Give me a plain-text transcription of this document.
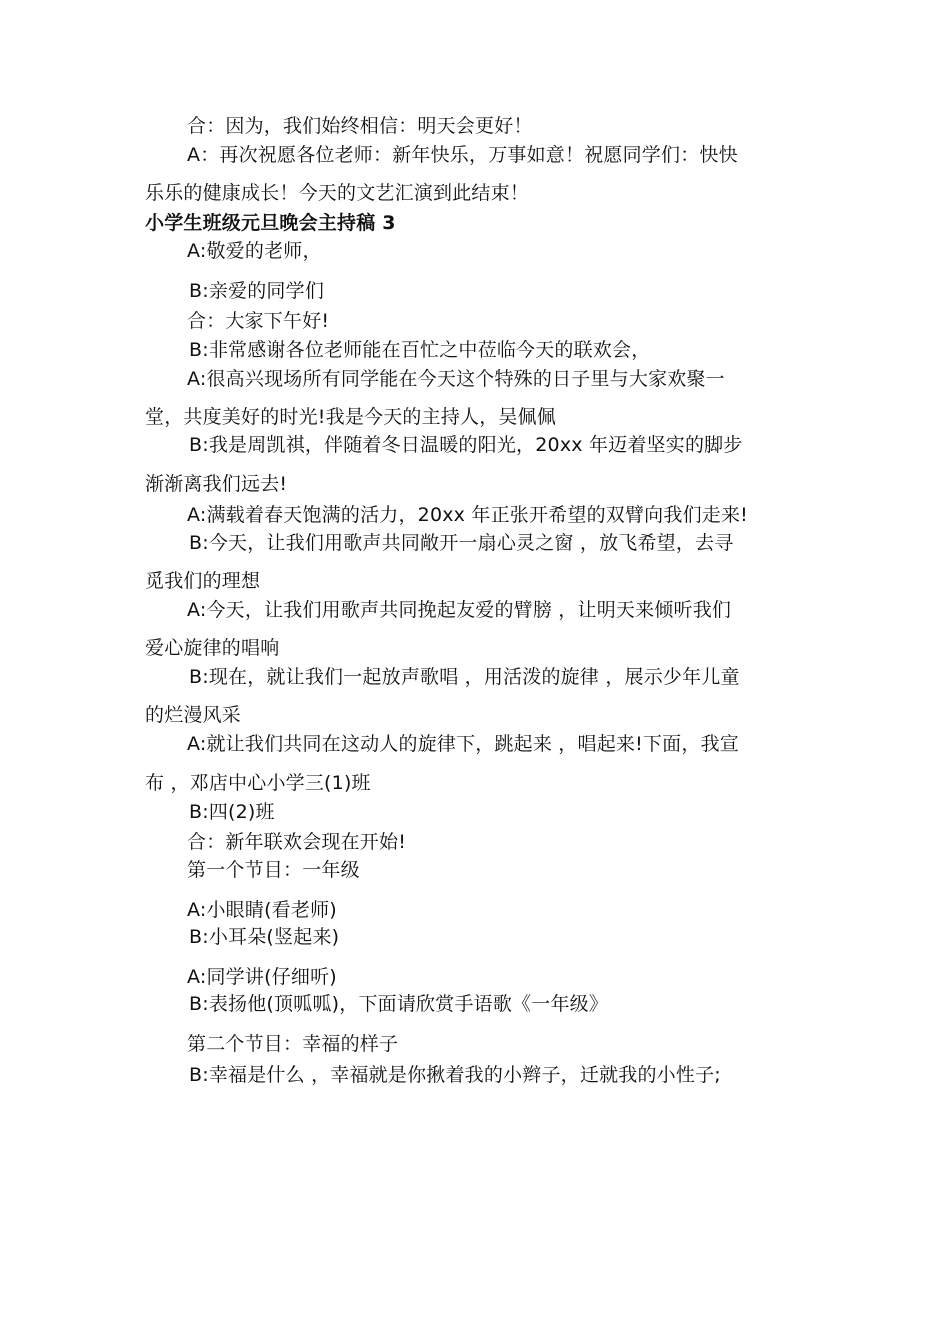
合：因为，我们始终相信：明天会更好！
A：再次祝愿各位老师：新年快乐，万事如意！祝愿同学们：快快
乐乐的健康成长！今天的文艺汇演到此结束！
小学生班级元旦晚会主持稿 3
A:敬爱的老师，
B:亲爱的同学们
合：大家下午好!
B:非常感谢各位老师能在百忙之中莅临今天的联欢会，
A:很高兴现场所有同学能在今天这个特殊的日子里与大家欢聚一
堂，共度美好的时光!我是今天的主持人，吴佩佩
B:我是周凯祺，伴随着冬日温暖的阳光，20xx 年迈着坚实的脚步
渐渐离我们远去!
A:满载着春天饱满的活力，20xx 年正张开希望的双臂向我们走来!
B:今天，让我们用歌声共同敞开一扇心灵之窗 ，放飞希望，去寻
觅我们的理想
A:今天，让我们用歌声共同挽起友爱的臂膀 ，让明天来倾听我们
爱心旋律的唱响
B:现在，就让我们一起放声歌唱 ，用活泼的旋律 ，展示少年儿童
的烂漫风采
A:就让我们共同在这动人的旋律下，跳起来 ，唱起来!下面，我宣
布 ，邓店中心小学三(1)班
B:四(2)班
合：新年联欢会现在开始!
第一个节目：一年级
A:小眼睛(看老师)
B:小耳朵(竖起来)
A:同学讲(仔细听)
B:表扬他(顶呱呱)，下面请欣赏手语歌《一年级》
第二个节目：幸福的样子
B:幸福是什么 ，幸福就是你揪着我的小辫子，迁就我的小性子;
